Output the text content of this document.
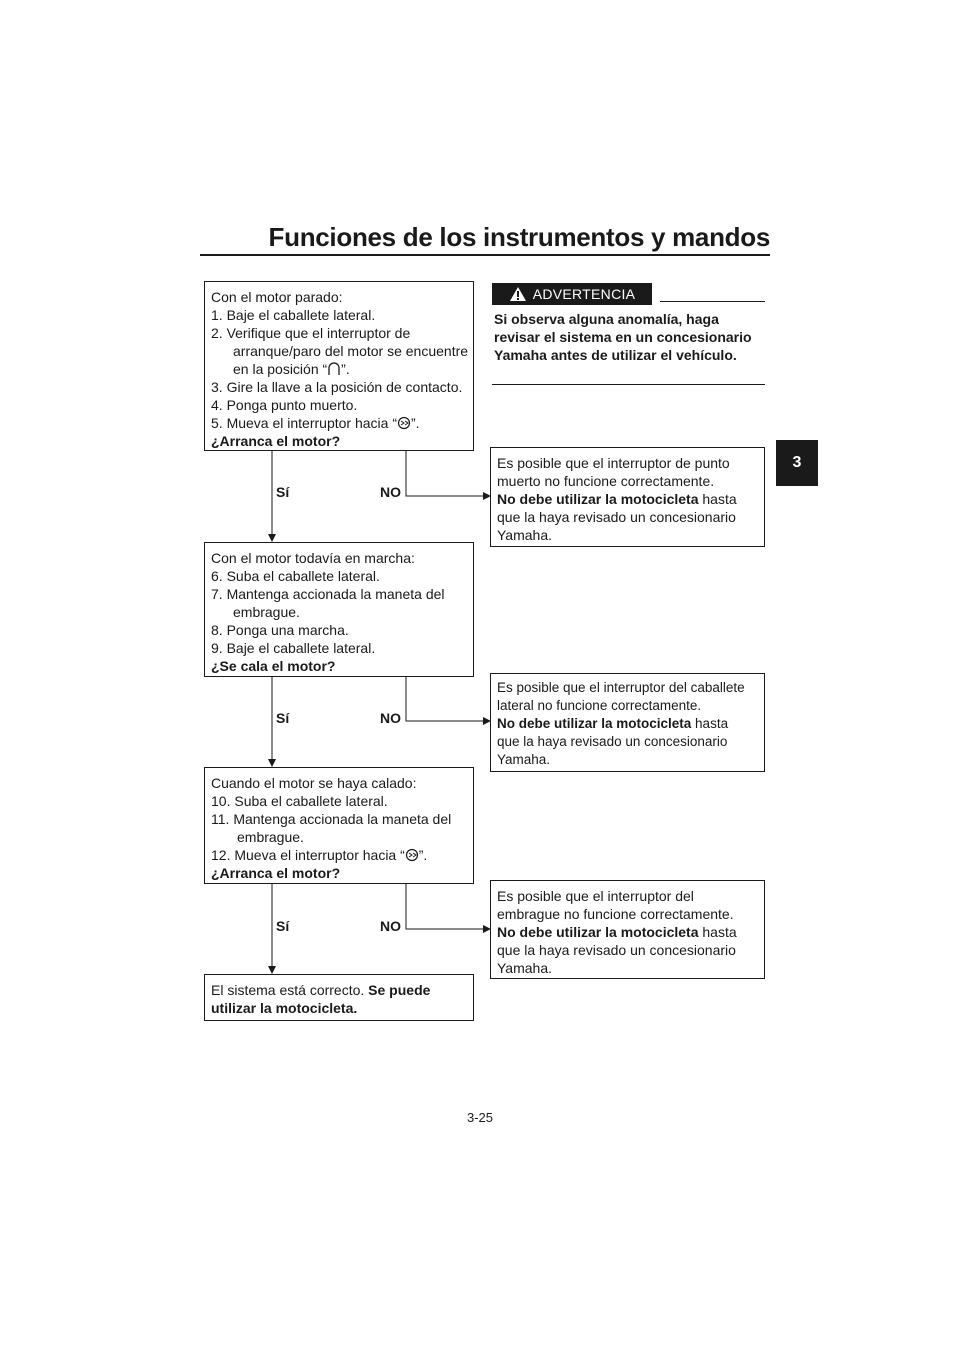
Funciones de los instrumentos y mandos
3
Con el motor parado:
1. Baje el caballete lateral.
2. Verifique que el interruptor de
arranque/paro del motor se encuentre
en la posición “ ”.
3. Gire la llave a la posición de contacto.
4. Ponga punto muerto.
5. Mueva el interruptor hacia “ ”.
¿Arranca el motor?
Sí	NO
Con el motor todavía en marcha:
6. Suba el caballete lateral.
7. Mantenga accionada la maneta del
embrague.
8. Ponga una marcha.
9. Baje el caballete lateral.
¿Se cala el motor?
Sí	NO
Cuando el motor se haya calado:
10. Suba el caballete lateral.
11. Mantenga accionada la maneta del
embrague.
12. Mueva el interruptor hacia “ ”.
¿Arranca el motor?
Sí	NO
El sistema está correcto. Se puede
utilizar la motocicleta.
ADVERTENCIA
Si observa alguna anomalía, haga revisar el sistema en un concesionario Yamaha antes de utilizar el vehículo.
Es posible que el interruptor de punto
muerto no funcione correctamente.
No debe utilizar la motocicleta hasta
que la haya revisado un concesionario
Yamaha.
Es posible que el interruptor del caballete
lateral no funcione correctamente.
No debe utilizar la motocicleta hasta
que la haya revisado un concesionario
Yamaha.
Es posible que el interruptor del
embrague no funcione correctamente.
No debe utilizar la motocicleta hasta
que la haya revisado un concesionario
Yamaha.
3-25
